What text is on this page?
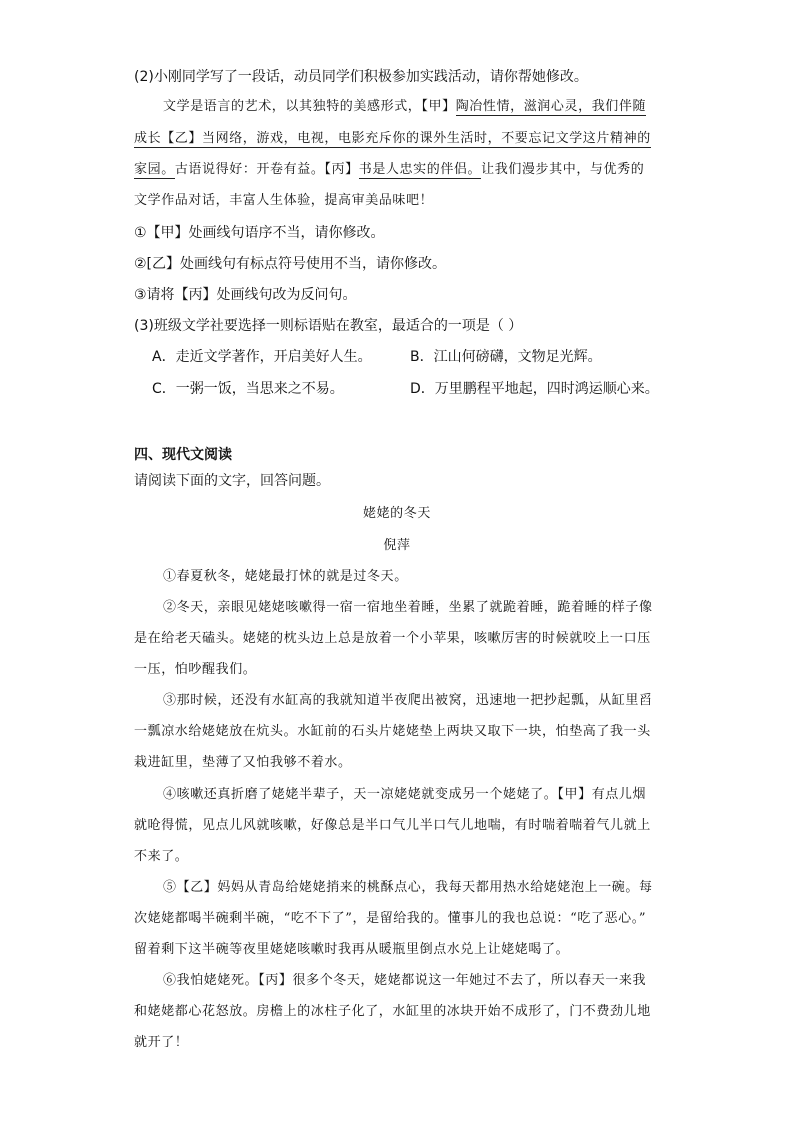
(2)小刚同学写了一段话，动员同学们积极参加实践活动，请你帮她修改。
文学是语言的艺术，以其独特的美感形式，【甲】陶冶性情，滋润心灵，我们伴随
成长【乙】当网络，游戏，电视，电影充斥你的课外生活时，不要忘记文学这片精神的
家园。古语说得好：开卷有益。【丙】书是人忠实的伴侣。让我们漫步其中，与优秀的
文学作品对话，丰富人生体验，提高审美品味吧！
①【甲】处画线句语序不当，请你修改。
②[乙】处画线句有标点符号使用不当，请你修改。
③请将【丙】处画线句改为反问句。
(3)班级文学社要选择一则标语贴在教室，最适合的一项是（ ）
A．走近文学著作，开启美好人生。	B．江山何磅礴，文物足光辉。
C．一粥一饭，当思来之不易。	D．万里鹏程平地起，四时鸿运顺心来。
四、现代文阅读
请阅读下面的文字，回答问题。
姥姥的冬天
倪萍
①春夏秋冬，姥姥最打怵的就是过冬天。
②冬天，亲眼见姥姥咳嗽得一宿一宿地坐着睡，坐累了就跪着睡，跪着睡的样子像
是在给老天磕头。姥姥的枕头边上总是放着一个小苹果，咳嗽厉害的时候就咬上一口压
一压，怕吵醒我们。
③那时候，还没有水缸高的我就知道半夜爬出被窝，迅速地一把抄起瓢，从缸里舀
一瓢凉水给姥姥放在炕头。水缸前的石头片姥姥垫上两块又取下一块，怕垫高了我一头
栽进缸里，垫薄了又怕我够不着水。
④咳嗽还真折磨了姥姥半辈子，天一凉姥姥就变成另一个姥姥了。【甲】有点儿烟
就呛得慌，见点儿风就咳嗽，好像总是半口气儿半口气儿地喘，有时喘着喘着气儿就上
不来了。
⑤【乙】妈妈从青岛给姥姥捎来的桃酥点心，我每天都用热水给姥姥泡上一碗。每
次姥姥都喝半碗剩半碗，“吃不下了”，是留给我的。懂事儿的我也总说：“吃了恶心。”
留着剩下这半碗等夜里姥姥咳嗽时我再从暖瓶里倒点水兑上让姥姥喝了。
⑥我怕姥姥死。【丙】很多个冬天，姥姥都说这一年她过不去了，所以春天一来我
和姥姥都心花怒放。房檐上的冰柱子化了，水缸里的冰块开始不成形了，门不费劲儿地
就开了！
